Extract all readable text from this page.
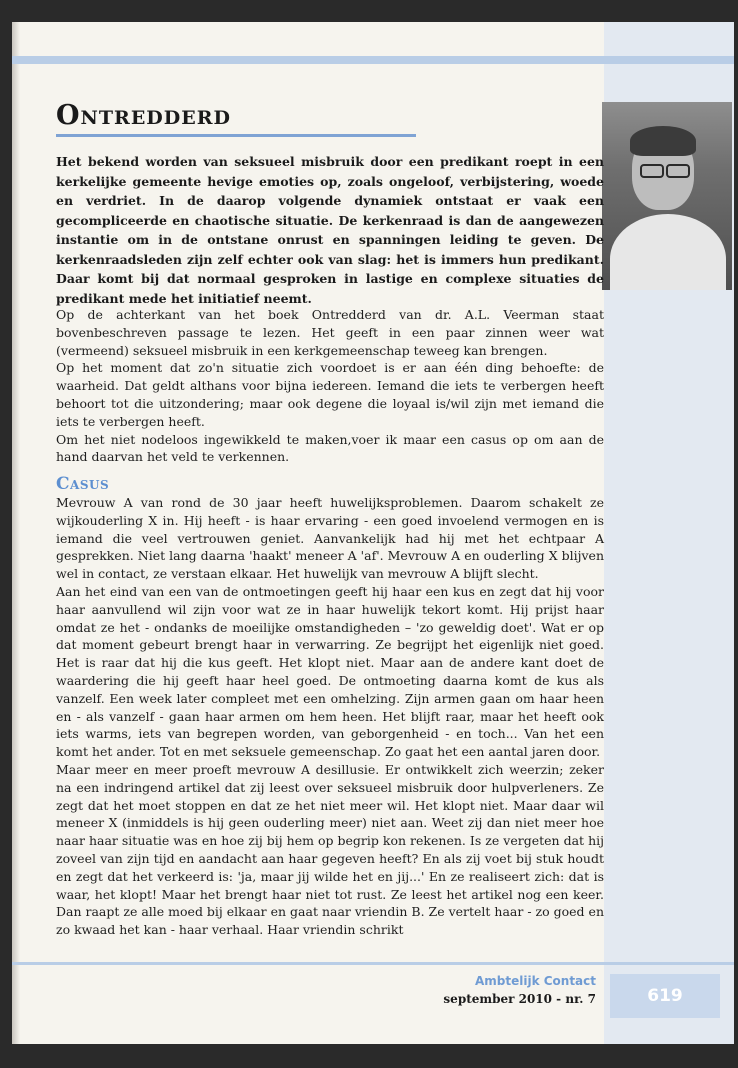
Ontredderd

Het bekend worden van seksueel misbruik door een predikant roept in een kerkelijke gemeente hevige emoties op, zoals ongeloof, verbijstering, woede en verdriet. In de daarop volgende dynamiek ontstaat er vaak een gecompliceerde en chaotische situatie. De kerkenraad is dan de aangewezen instantie om in de ontstane onrust en spanningen leiding te geven. De kerkenraadsleden zijn zelf echter ook van slag: het is immers hun predikant. Daar komt bij dat normaal gesproken in lastige en complexe situaties de predikant mede het initiatief neemt.

Op de achterkant van het boek Ontredderd van dr. A.L. Veerman staat bovenbeschreven passage te lezen. Het geeft in een paar zinnen weer wat (vermeend) seksueel misbruik in een kerkgemeenschap teweeg kan brengen.

Op het moment dat zo'n situatie zich voordoet is er aan één ding behoefte: de waarheid. Dat geldt althans voor bijna iedereen. Iemand die iets te verbergen heeft behoort tot die uitzondering; maar ook degene die loyaal is/wil zijn met iemand die iets te verbergen heeft.

Om het niet nodeloos ingewikkeld te maken,voer ik maar een casus op om aan de hand daarvan het veld te verkennen.

Casus

Mevrouw A van rond de 30 jaar heeft huwelijksproblemen. Daarom schakelt ze wijkouderling X in. Hij heeft - is haar ervaring - een goed invoelend vermogen en is iemand die veel vertrouwen geniet. Aanvankelijk had hij met het echtpaar A gesprekken. Niet lang daarna 'haakt' meneer A 'af'. Mevrouw A en ouderling X blijven wel in contact, ze verstaan elkaar. Het huwelijk van mevrouw A blijft slecht.

Aan het eind van een van de ontmoetingen geeft hij haar een kus en zegt dat hij voor haar aanvullend wil zijn voor wat ze in haar huwelijk tekort komt. Hij prijst haar omdat ze het - ondanks de moeilijke omstandigheden – 'zo geweldig doet'. Wat er op dat moment gebeurt brengt haar in verwarring. Ze begrijpt het eigenlijk niet goed. Het is raar dat hij die kus geeft. Het klopt niet. Maar aan de andere kant doet de waardering die hij geeft haar heel goed. De ontmoeting daarna komt de kus als vanzelf. Een week later compleet met een omhelzing. Zijn armen gaan om haar heen en - als vanzelf - gaan haar armen om hem heen. Het blijft raar, maar het heeft ook iets warms, iets van begrepen worden, van geborgenheid - en toch... Van het een komt het ander. Tot en met seksuele gemeenschap. Zo gaat het een aantal jaren door.

Maar meer en meer proeft mevrouw A desillusie. Er ontwikkelt zich weerzin; zeker na een indringend artikel dat zij leest over seksueel misbruik door hulpverleners. Ze zegt dat het moet stoppen en dat ze het niet meer wil. Het klopt niet. Maar daar wil meneer X (inmiddels is hij geen ouderling meer) niet aan. Weet zij dan niet meer hoe naar haar situatie was en hoe zij bij hem op begrip kon rekenen. Is ze vergeten dat hij zoveel van zijn tijd en aandacht aan haar gegeven heeft? En als zij voet bij stuk houdt en zegt dat het verkeerd is: 'ja, maar jij wilde het en jij...' En ze realiseert zich: dat is waar, het klopt! Maar het brengt haar niet tot rust. Ze leest het artikel nog een keer. Dan raapt ze alle moed bij elkaar en gaat naar vriendin B. Ze vertelt haar - zo goed en zo kwaad het kan - haar verhaal. Haar vriendin schrikt

Ambtelijk Contact
september 2010 - nr. 7	619
